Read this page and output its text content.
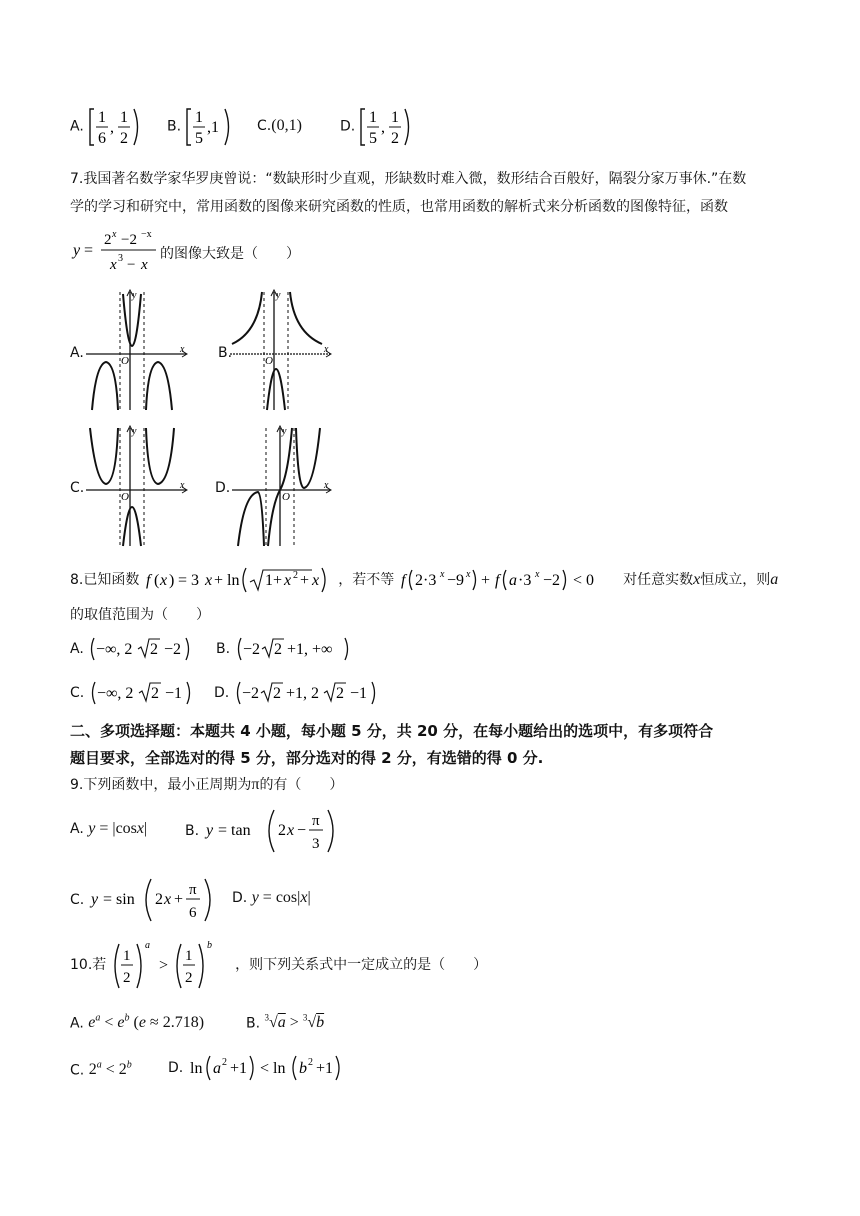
A.
1
6
,
1
2
B.
1
5
,1	C.(0,1)	D.
1
5
,
1
2
7.我国著名数学家华罗庚曾说：“数缺形时少直观，形缺数时难入微，数形结合百般好，隔裂分家万事休.”在数
学的学习和研究中，常用函数的图像来研究函数的性质，也常用函数的解析式来分析函数的图像特征，函数
y =
2 x −2 −x
x 3 − x
的图像大致是（　　）
A.
y
x
O	B.
y
x
O
C.
y
x
O
D.
y
x
O
8.已知函数 f ( x ) = 3 x + ln 1+ x 2 + x ，若不等 f 2·3 x −9 x + f a ·3 x −2 < 0 对任意实数x恒成立，则a
的取值范围为（　　）
A. −∞, 2 2 −2 B. −2 2 +1, +∞
C. −∞, 2 2 −1 D. −2 2 +1, 2 2 −1
二、多项选择题：本题共 4 小题，每小题 5 分，共 20 分，在每小题给出的选项中，有多项符合
题目要求，全部选对的得 5 分，部分选对的得 2 分，有选错的得 0 分.
9.下列函数中，最小正周期为π的有（　　）
A. y = |cosx|	B. y = tan 2 x −
π
3
C. y = sin 2 x +
π
6
D. y = cos|x|
10.若
1
2
a
>
1
2
b
，则下列关系式中一定成立的是（　　）
A. $e^a < e^b$ (e ≈ 2.718)	B. $^3$√a > $^3$√b
C. $2^a < 2^b$	D. ln a 2 +1 < ln b 2 +1
